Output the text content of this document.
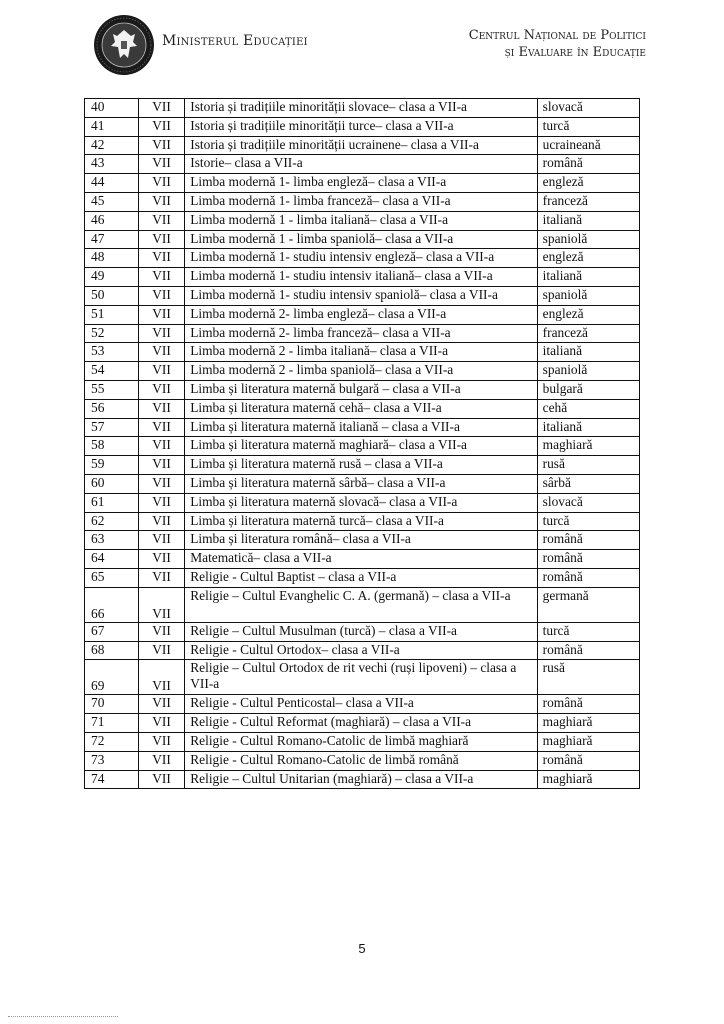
Ministerul Educației	Centrul Național de Politici
și Evaluare în Educație
40	VII	Istoria și tradițiile minorității slovace– clasa a VII-a	slovacă
41	VII	Istoria și tradițiile minorității turce– clasa a VII-a	turcă
42	VII	Istoria și tradițiile minorității ucrainene– clasa a VII-a	ucraineană
43	VII	Istorie– clasa a VII-a	română
44	VII	Limba modernă 1- limba engleză– clasa a VII-a	engleză
45	VII	Limba modernă 1- limba franceză– clasa a VII-a	franceză
46	VII	Limba modernă 1 - limba italiană– clasa a VII-a	italiană
47	VII	Limba modernă 1 - limba spaniolă– clasa a VII-a	spaniolă
48	VII	Limba modernă 1- studiu intensiv engleză– clasa a VII-a	engleză
49	VII	Limba modernă 1- studiu intensiv italiană– clasa a VII-a	italiană
50	VII	Limba modernă 1- studiu intensiv spaniolă– clasa a VII-a	spaniolă
51	VII	Limba modernă 2- limba engleză– clasa a VII-a	engleză
52	VII	Limba modernă 2- limba franceză– clasa a VII-a	franceză
53	VII	Limba modernă 2 - limba italiană– clasa a VII-a	italiană
54	VII	Limba modernă 2 - limba spaniolă– clasa a VII-a	spaniolă
55	VII	Limba și literatura maternă bulgară – clasa a VII-a	bulgară
56	VII	Limba și literatura maternă cehă– clasa a VII-a	cehă
57	VII	Limba și literatura maternă italiană – clasa a VII-a	italiană
58	VII	Limba și literatura maternă maghiară– clasa a VII-a	maghiară
59	VII	Limba și literatura maternă rusă – clasa a VII-a	rusă
60	VII	Limba și literatura maternă sârbă– clasa a VII-a	sârbă
61	VII	Limba și literatura maternă slovacă– clasa a VII-a	slovacă
62	VII	Limba și literatura maternă turcă– clasa a VII-a	turcă
63	VII	Limba și literatura română– clasa a VII-a	română
64	VII	Matematică– clasa a VII-a	română
65	VII	Religie - Cultul Baptist – clasa a VII-a	română
66	VII	Religie – Cultul Evanghelic C. A. (germană) – clasa a VII-a	germană
67	VII	Religie – Cultul Musulman (turcă) – clasa a VII-a	turcă
68	VII	Religie - Cultul Ortodox– clasa a VII-a	română
69	VII	Religie – Cultul Ortodox de rit vechi (ruși lipoveni) – clasa a VII-a	rusă
70	VII	Religie - Cultul Penticostal– clasa a VII-a	română
71	VII	Religie - Cultul Reformat (maghiară) – clasa a VII-a	maghiară
72	VII	Religie - Cultul Romano-Catolic de limbă maghiară	maghiară
73	VII	Religie - Cultul Romano-Catolic de limbă română	română
74	VII	Religie – Cultul Unitarian (maghiară) – clasa a VII-a	maghiară
5
